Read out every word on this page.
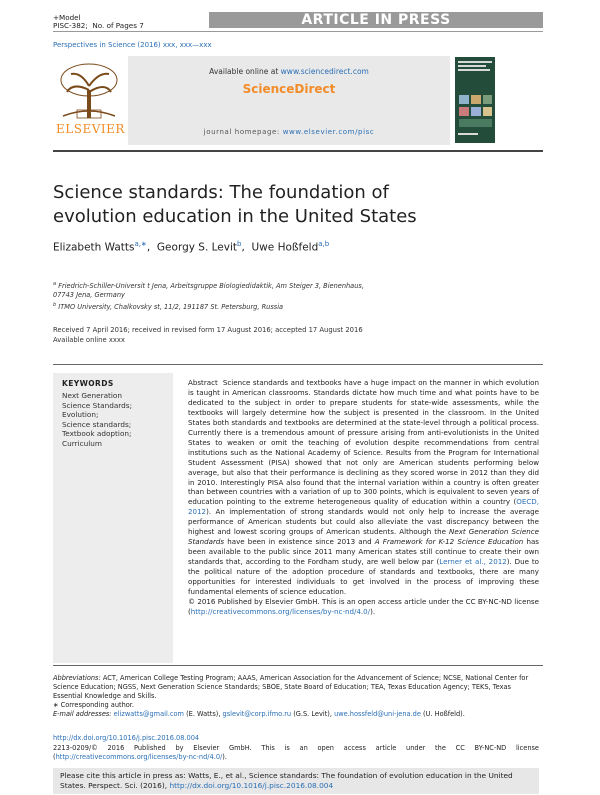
+Model
PISC-382; No. of Pages 7	ARTICLE IN PRESS
Perspectives in Science (2016) xxx, xxx—xxx
ELSEVIER
Available online at www.sciencedirect.com
ScienceDirect
journal homepage: www.elsevier.com/pisc
Science standards: The foundation of
evolution education in the United States
Elizabeth Watts$^{a,∗}$, Georgy S. Levit$^b$, Uwe Hoßfeld$^{a,b}$
$^a$ Friedrich-Schiller-Universit t Jena, Arbeitsgruppe Biologiedidaktik, Am Steiger 3, Bienenhaus,
07743 Jena, Germany
$^b$ ITMO University, Chalkovsky st, 11/2, 191187 St. Petersburg, Russia
Received 7 April 2016; received in revised form 17 August 2016; accepted 17 August 2016
Available online xxxx
KEYWORDS
Next Generation
Science Standards;
Evolution;
Science standards;
Textbook adoption;
Curriculum
Abstract Science standards and textbooks have a huge impact on the manner in which evolution is taught in American classrooms. Standards dictate how much time and what points have to be dedicated to the subject in order to prepare students for state-wide assessments, while the textbooks will largely determine how the subject is presented in the classroom. In the United States both standards and textbooks are determined at the state-level through a political process. Currently there is a tremendous amount of pressure arising from anti-evolutionists in the United States to weaken or omit the teaching of evolution despite recommendations from central institutions such as the National Academy of Science. Results from the Program for International Student Assessment (PISA) showed that not only are American students performing below average, but also that their performance is declining as they scored worse in 2012 than they did in 2010. Interestingly PISA also found that the internal variation within a country is often greater than between countries with a variation of up to 300 points, which is equivalent to seven years of education pointing to the extreme heterogeneous quality of education within a country (OECD, 2012). An implementation of strong standards would not only help to increase the average performance of American students but could also alleviate the vast discrepancy between the highest and lowest scoring groups of American students. Although the Next Generation Science Standards have been in existence since 2013 and A Framework for K-12 Science Education has been available to the public since 2011 many American states still continue to create their own standards that, according to the Fordham study, are well below par (Lerner et al., 2012). Due to the political nature of the adoption procedure of standards and textbooks, there are many opportunities for interested individuals to get involved in the process of improving these fundamental elements of science education.
© 2016 Published by Elsevier GmbH. This is an open access article under the CC BY-NC-ND license (http://creativecommons.org/licenses/by-nc-nd/4.0/).
Abbreviations: ACT, American College Testing Program; AAAS, American Association for the Advancement of Science; NCSE, National Center for Science Education; NGSS, Next Generation Science Standards; SBOE, State Board of Education; TEA, Texas Education Agency; TEKS, Texas Essential Knowledge and Skills.
∗ Corresponding author.
E-mail addresses: elizwatts@gmail.com (E. Watts), gslevit@corp.ifmo.ru (G.S. Levit), uwe.hossfeld@uni-jena.de (U. Hoßfeld).
http://dx.doi.org/10.1016/j.pisc.2016.08.004
2213-0209/© 2016 Published by Elsevier GmbH. This is an open access article under the CC BY-NC-ND license (http://creativecommons.org/licenses/by-nc-nd/4.0/).
Please cite this article in press as: Watts, E., et al., Science standards: The foundation of evolution education in the United States. Perspect. Sci. (2016), http://dx.doi.org/10.1016/j.pisc.2016.08.004
